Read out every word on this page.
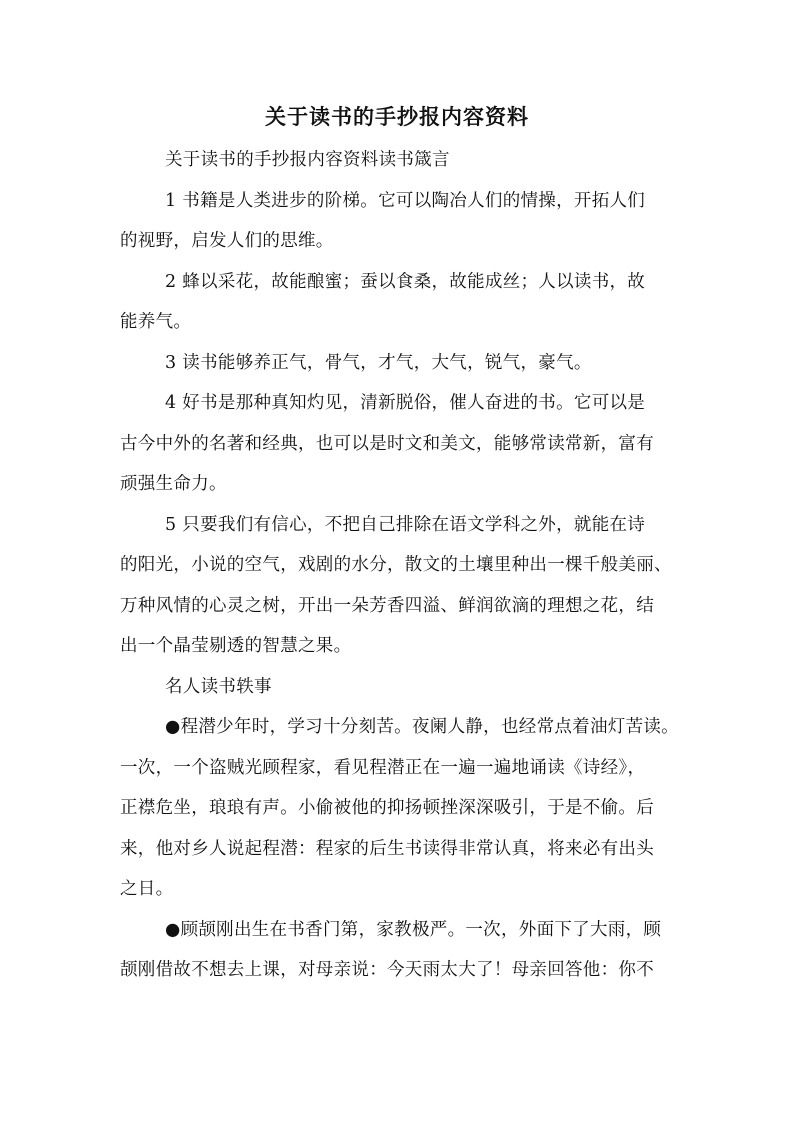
关于读书的手抄报内容资料

关于读书的手抄报内容资料读书箴言

1 书籍是人类进步的阶梯。它可以陶冶人们的情操，开拓人们
的视野，启发人们的思维。

2 蜂以采花，故能酿蜜；蚕以食桑，故能成丝；人以读书，故
能养气。

3 读书能够养正气，骨气，才气，大气，锐气，豪气。

4 好书是那种真知灼见，清新脱俗，催人奋进的书。它可以是
古今中外的名著和经典，也可以是时文和美文，能够常读常新，富有
顽强生命力。

5 只要我们有信心，不把自己排除在语文学科之外，就能在诗
的阳光，小说的空气，戏剧的水分，散文的土壤里种出一棵千般美丽、
万种风情的心灵之树，开出一朵芳香四溢、鲜润欲滴的理想之花，结
出一个晶莹剔透的智慧之果。

名人读书轶事

●程潜少年时，学习十分刻苦。夜阑人静，也经常点着油灯苦读。
一次，一个盗贼光顾程家，看见程潜正在一遍一遍地诵读《诗经》，
正襟危坐，琅琅有声。小偷被他的抑扬顿挫深深吸引，于是不偷。后
来，他对乡人说起程潜：程家的后生书读得非常认真，将来必有出头
之日。

●顾颉刚出生在书香门第，家教极严。一次，外面下了大雨，顾
颉刚借故不想去上课，对母亲说：今天雨太大了！母亲回答他：你不
